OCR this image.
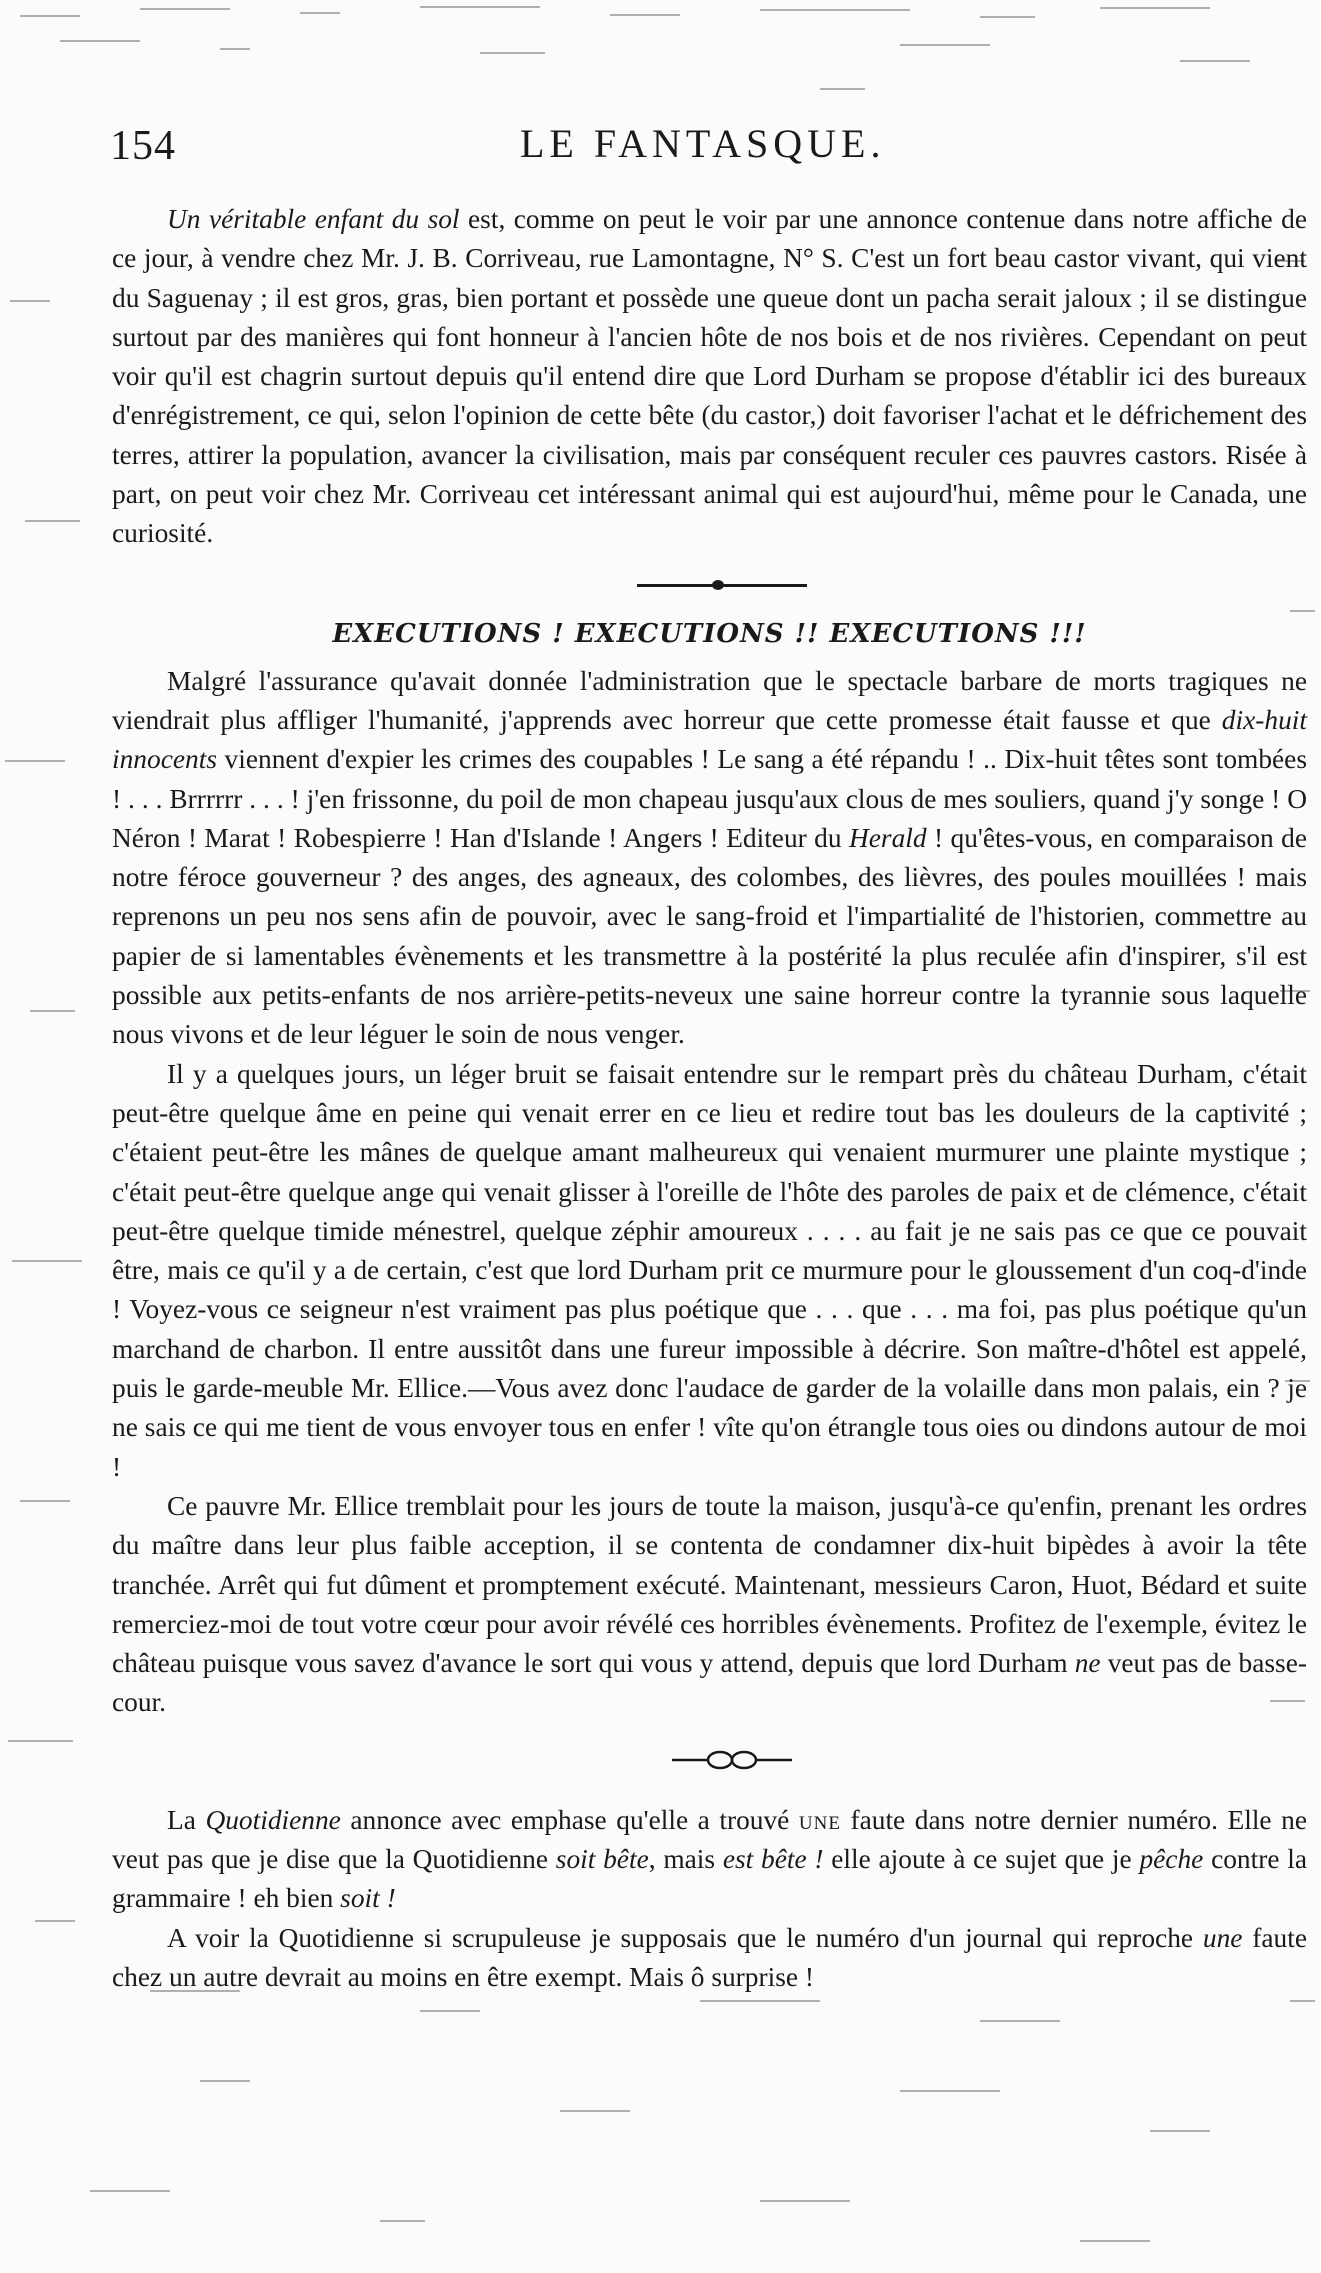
154	LE FANTASQUE.

Un véritable enfant du sol est, comme on peut le voir par une annonce contenue dans notre affiche de ce jour, à vendre chez Mr. J. B. Corriveau, rue Lamontagne, N° S. C'est un fort beau castor vivant, qui vient du Saguenay ; il est gros, gras, bien portant et possède une queue dont un pacha serait jaloux ; il se distingue surtout par des manières qui font honneur à l'ancien hôte de nos bois et de nos rivières. Cependant on peut voir qu'il est chagrin surtout depuis qu'il entend dire que Lord Durham se propose d'établir ici des bureaux d'enrégistrement, ce qui, selon l'opinion de cette bête (du castor,) doit favoriser l'achat et le défrichement des terres, attirer la population, avancer la civilisation, mais par conséquent reculer ces pauvres castors. Risée à part, on peut voir chez Mr. Corriveau cet intéressant animal qui est aujourd'hui, même pour le Canada, une curiosité.

EXECUTIONS ! EXECUTIONS !! EXECUTIONS !!!

Malgré l'assurance qu'avait donnée l'administration que le spectacle barbare de morts tragiques ne viendrait plus affliger l'humanité, j'apprends avec horreur que cette promesse était fausse et que dix-huit innocents viennent d'expier les crimes des coupables ! Le sang a été répandu ! .. Dix-huit têtes sont tombées ! . . . Brrrrrr . . . ! j'en frissonne, du poil de mon chapeau jusqu'aux clous de mes souliers, quand j'y songe ! O Néron ! Marat ! Robespierre ! Han d'Islande ! Angers ! Editeur du Herald ! qu'êtes-vous, en comparaison de notre féroce gouverneur ? des anges, des agneaux, des colombes, des lièvres, des poules mouillées ! mais reprenons un peu nos sens afin de pouvoir, avec le sang-froid et l'impartialité de l'historien, commettre au papier de si lamentables évènements et les transmettre à la postérité la plus reculée afin d'inspirer, s'il est possible aux petits-enfants de nos arrière-petits-neveux une saine horreur contre la tyrannie sous laquelle nous vivons et de leur léguer le soin de nous venger.

Il y a quelques jours, un léger bruit se faisait entendre sur le rempart près du château Durham, c'était peut-être quelque âme en peine qui venait errer en ce lieu et redire tout bas les douleurs de la captivité ; c'étaient peut-être les mânes de quelque amant malheureux qui venaient murmurer une plainte mystique ; c'était peut-être quelque ange qui venait glisser à l'oreille de l'hôte des paroles de paix et de clémence, c'était peut-être quelque timide ménestrel, quelque zéphir amoureux . . . . au fait je ne sais pas ce que ce pouvait être, mais ce qu'il y a de certain, c'est que lord Durham prit ce murmure pour le gloussement d'un coq-d'inde ! Voyez-vous ce seigneur n'est vraiment pas plus poétique que . . . que . . . ma foi, pas plus poétique qu'un marchand de charbon. Il entre aussitôt dans une fureur impossible à décrire. Son maître-d'hôtel est appelé, puis le garde-meuble Mr. Ellice.—Vous avez donc l'audace de garder de la volaille dans mon palais, ein ? je ne sais ce qui me tient de vous envoyer tous en enfer ! vîte qu'on étrangle tous oies ou dindons autour de moi !

Ce pauvre Mr. Ellice tremblait pour les jours de toute la maison, jusqu'à-ce qu'enfin, prenant les ordres du maître dans leur plus faible acception, il se contenta de condamner dix-huit bipèdes à avoir la tête tranchée. Arrêt qui fut dûment et promptement exécuté. Maintenant, messieurs Caron, Huot, Bédard et suite remerciez-moi de tout votre cœur pour avoir révélé ces horribles évènements. Profitez de l'exemple, évitez le château puisque vous savez d'avance le sort qui vous y attend, depuis que lord Durham ne veut pas de basse-cour.

La Quotidienne annonce avec emphase qu'elle a trouvé une faute dans notre dernier numéro. Elle ne veut pas que je dise que la Quotidienne soit bête, mais est bête ! elle ajoute à ce sujet que je pêche contre la grammaire ! eh bien soit !

A voir la Quotidienne si scrupuleuse je supposais que le numéro d'un journal qui reproche une faute chez un autre devrait au moins en être exempt. Mais ô surprise !
